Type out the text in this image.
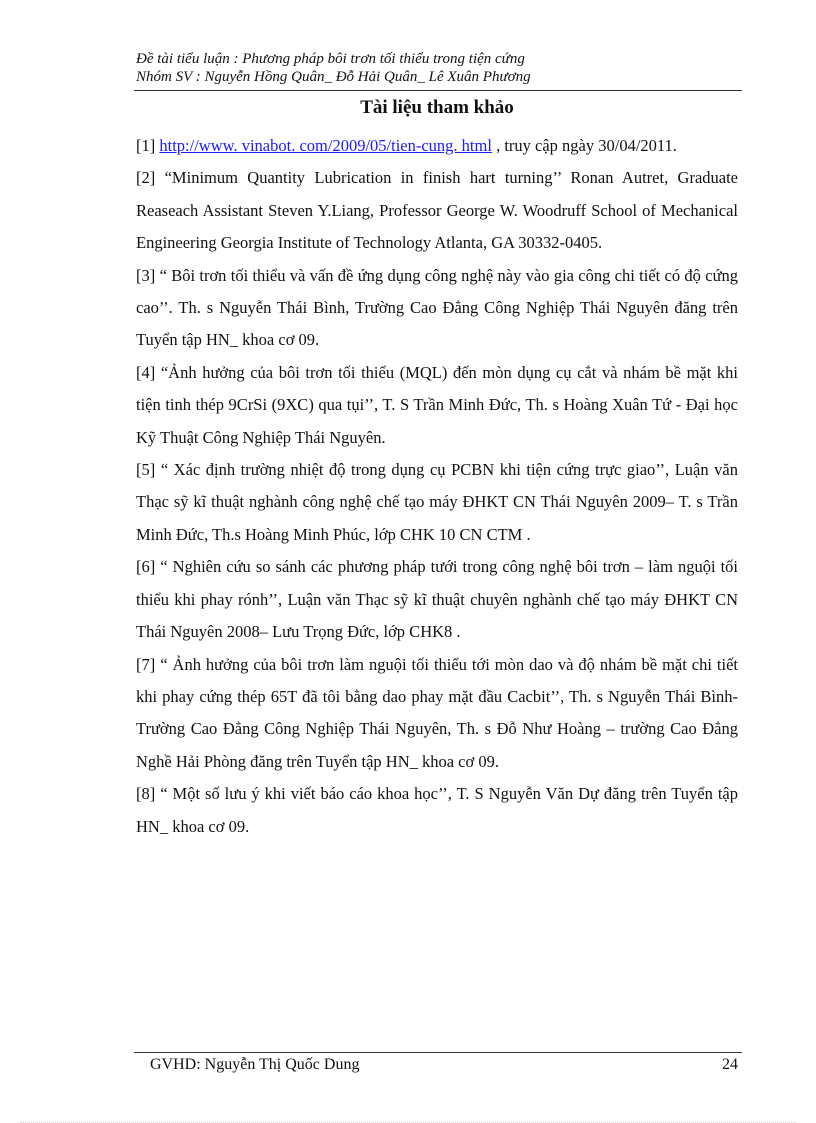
Đề tài tiểu luận : Phương pháp bôi trơn tối thiểu trong tiện cứng
Nhóm SV : Nguyễn Hồng Quân_ Đỗ Hải Quân_ Lê Xuân Phương
Tài liệu tham khảo

[1] http://www. vinabot. com/2009/05/tien-cung. html , truy cập ngày 30/04/2011.

[2] “Minimum Quantity Lubrication in finish hart turning’’ Ronan Autret, Graduate Reaseach Assistant Steven Y.Liang, Professor George W. Woodruff School of Mechanical Engineering Georgia Institute of Technology Atlanta, GA 30332-0405.

[3] “ Bôi trơn tối thiểu và vấn đề ứng dụng công nghệ này vào gia công chi tiết có độ cứng cao’’. Th. s Nguyễn Thái Bình, Trường Cao Đẳng Công Nghiệp Thái Nguyên đăng trên Tuyển tập HN_ khoa cơ 09.

[4] “Ảnh hưởng của bôi trơn tối thiểu (MQL) đến mòn dụng cụ cắt và nhám bề mặt khi tiện tinh thép 9CrSi (9XC) qua tụi’’, T. S Trần Minh Đức, Th. s Hoàng Xuân Tứ - Đại học Kỹ Thuật Công Nghiệp Thái Nguyên.

[5] “ Xác định trường nhiệt độ trong dụng cụ PCBN khi tiện cứng trực giao’’, Luận văn Thạc sỹ kĩ thuật nghành công nghệ chế tạo máy ĐHKT CN Thái Nguyên 2009– T. s Trần Minh Đức, Th.s Hoàng Minh Phúc, lớp CHK 10 CN CTM .

[6] “ Nghiên cứu so sánh các phương pháp tưới trong công nghệ bôi trơn – làm nguội tối thiểu khi phay rónh’’, Luận văn Thạc sỹ kĩ thuật chuyên nghành chế tạo máy ĐHKT CN Thái Nguyên 2008– Lưu Trọng Đức, lớp CHK8 .

[7] “ Ảnh hưởng của bôi trơn làm nguội tối thiểu tới mòn dao và độ nhám bề mặt chi tiết khi phay cứng thép 65T đã tôi bằng dao phay mặt đầu Cacbit’’, Th. s Nguyễn Thái Bình- Trường Cao Đẳng Công Nghiệp Thái Nguyên, Th. s Đỗ Như Hoàng – trường Cao Đẳng Nghề Hải Phòng đăng trên Tuyển tập HN_ khoa cơ 09.

[8] “ Một số lưu ý khi viết báo cáo khoa học’’, T. S Nguyễn Văn Dự đăng trên Tuyển tập HN_ khoa cơ 09.

GVHD: Nguyễn Thị Quốc Dung	24
